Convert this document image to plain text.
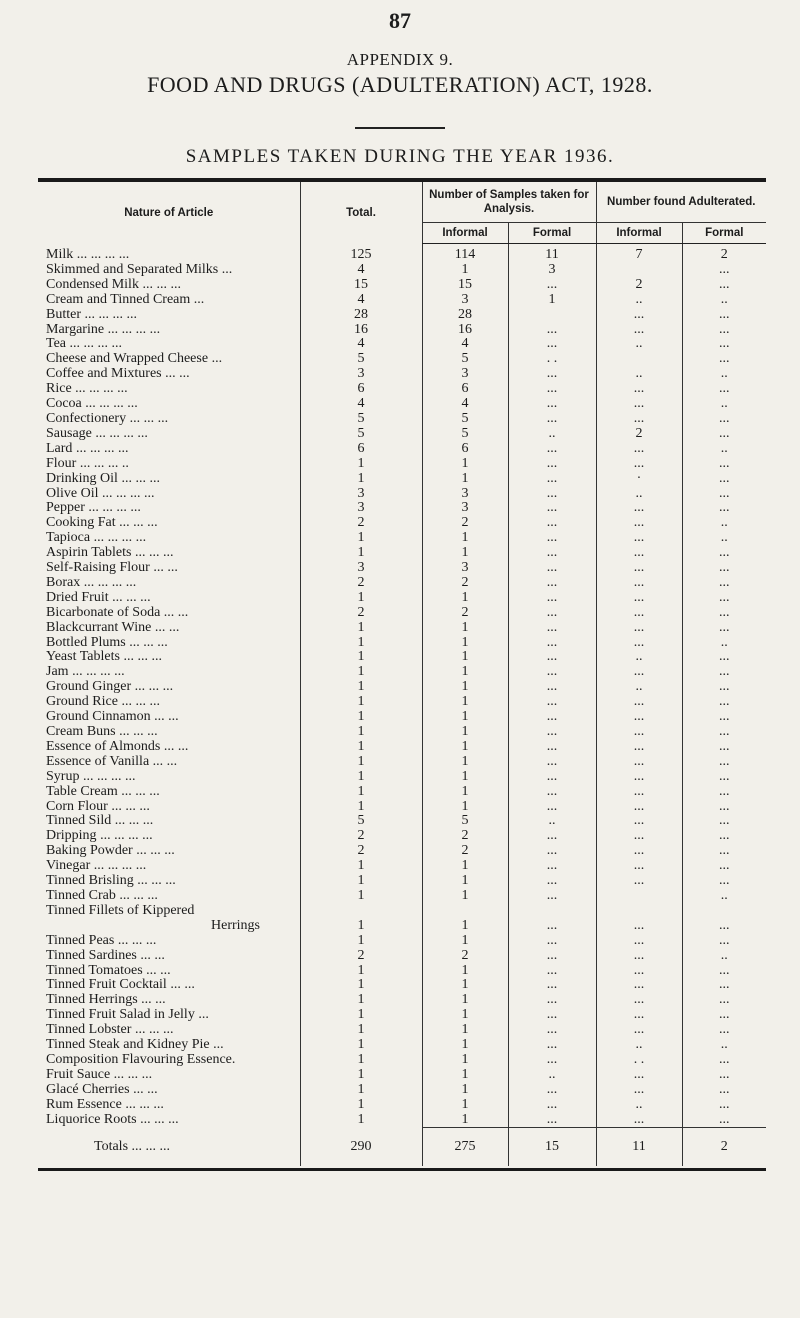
87
APPENDIX 9.
FOOD AND DRUGS (ADULTERATION) ACT, 1928.
SAMPLES TAKEN DURING THE YEAR 1936.
Nature of Article	Total.	Number of Samples taken for Analysis.		Number found Adulterated.	
		Informal	Formal	Informal	Formal
Milk ... ... ... ...	125	114	11	7	2
Skimmed and Separated Milks ...	4	1	3		...
Condensed Milk ... ... ...	15	15	...	2	...
Cream and Tinned Cream ...	4	3	1	..	..
Butter ... ... ... ...	28	28		...	...
Margarine ... ... ... ...	16	16	...	...	...
Tea ... ... ... ...	4	4	...	..	...
Cheese and Wrapped Cheese ...	5	5	. .		...
Coffee and Mixtures ... ...	3	3	...	..	..
Rice ... ... ... ...	6	6	...	...	...
Cocoa ... ... ... ...	4	4	...	...	..
Confectionery ... ... ...	5	5	...	...	...
Sausage ... ... ... ...	5	5	..	2	...
Lard ... ... ... ...	6	6	...	...	..
Flour ... ... ... ..	1	1	...	...	...
Drinking Oil ... ... ...	1	1	...	·	...
Olive Oil ... ... ... ...	3	3	...	..	...
Pepper ... ... ... ...	3	3	...	...	...
Cooking Fat ... ... ...	2	2	...	...	..
Tapioca ... ... ... ...	1	1	...	...	..
Aspirin Tablets ... ... ...	1	1	...	...	...
Self-Raising Flour ... ...	3	3	...	...	...
Borax ... ... ... ...	2	2	...	...	...
Dried Fruit ... ... ...	1	1	...	...	...
Bicarbonate of Soda ... ...	2	2	...	...	...
Blackcurrant Wine ... ...	1	1	...	...	...
Bottled Plums ... ... ...	1	1	...	...	..
Yeast Tablets ... ... ...	1	1	...	..	...
Jam ... ... ... ...	1	1	...	...	...
Ground Ginger ... ... ...	1	1	...	..	...
Ground Rice ... ... ...	1	1	...	...	...
Ground Cinnamon ... ...	1	1	...	...	...
Cream Buns ... ... ...	1	1	...	...	...
Essence of Almonds ... ...	1	1	...	...	...
Essence of Vanilla ... ...	1	1	...	...	...
Syrup ... ... ... ...	1	1	...	...	...
Table Cream ... ... ...	1	1	...	...	...
Corn Flour ... ... ...	1	1	...	...	...
Tinned Sild ... ... ...	5	5	..	...	...
Dripping ... ... ... ...	2	2	...	...	...
Baking Powder ... ... ...	2	2	...	...	...
Vinegar ... ... ... ...	1	1	...	...	...
Tinned Brisling ... ... ...	1	1	...	...	...
Tinned Crab ... ... ...	1	1	...		..
Tinned Fillets of Kippered					
Herrings	1	1	...	...	...
Tinned Peas ... ... ...	1	1	...	...	...
Tinned Sardines ... ...	2	2	...	...	..
Tinned Tomatoes ... ...	1	1	...	...	...
Tinned Fruit Cocktail ... ...	1	1	...	...	...
Tinned Herrings ... ...	1	1	...	...	...
Tinned Fruit Salad in Jelly ...	1	1	...	...	...
Tinned Lobster ... ... ...	1	1	...	...	...
Tinned Steak and Kidney Pie ...	1	1	...	..	..
Composition Flavouring Essence.	1	1	...	. .	...
Fruit Sauce ... ... ...	1	1	..	...	...
Glacé Cherries ... ...	1	1	...	...	...
Rum Essence ... ... ...	1	1	...	..	...
Liquorice Roots ... ... ...	1	1	...	...	...
Totals ... ... ...	290	275	15	11	2
